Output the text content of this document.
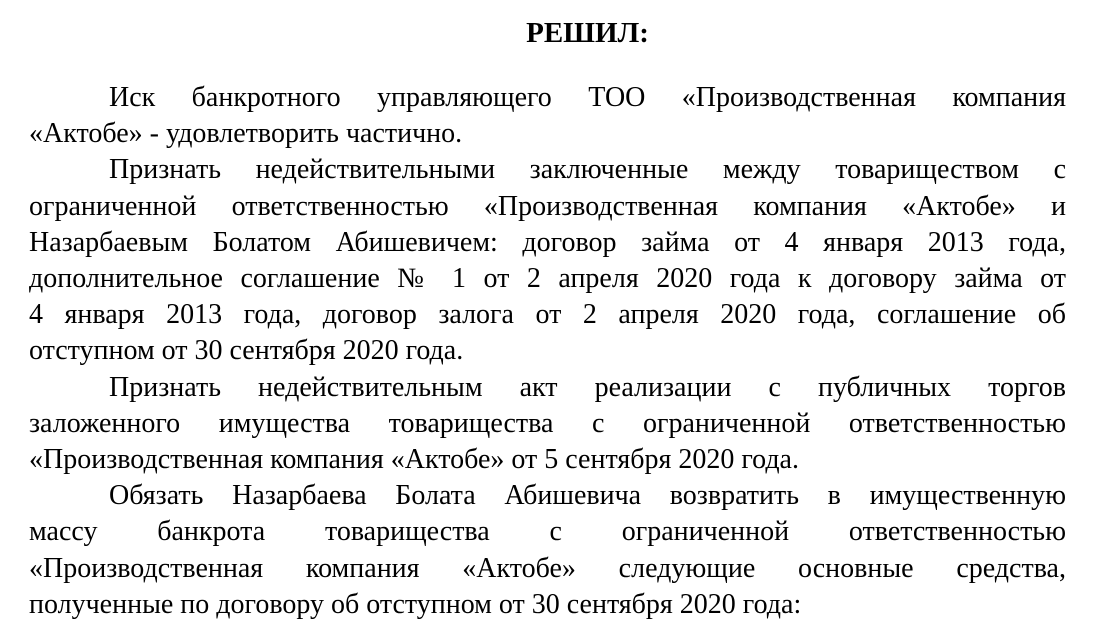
РЕШИЛ:
Иск банкротного управляющего ТОО «Производственная компания
«Актобе» - удовлетворить частично.
Признать недействительными заключенные между товариществом с
ограниченной ответственностью «Производственная компания «Актобе» и
Назарбаевым Болатом Абишевичем: договор займа от 4 января 2013 года,
дополнительное соглашение № 1 от 2 апреля 2020 года к договору займа от
4 января 2013 года, договор залога от 2 апреля 2020 года, соглашение об
отступном от 30 сентября 2020 года.
Признать недействительным акт реализации с публичных торгов
заложенного имущества товарищества с ограниченной ответственностью
«Производственная компания «Актобе» от 5 сентября 2020 года.
Обязать Назарбаева Болата Абишевича возвратить в имущественную
массу банкрота товарищества с ограниченной ответственностью
«Производственная компания «Актобе» следующие основные средства,
полученные по договору об отступном от 30 сентября 2020 года:
